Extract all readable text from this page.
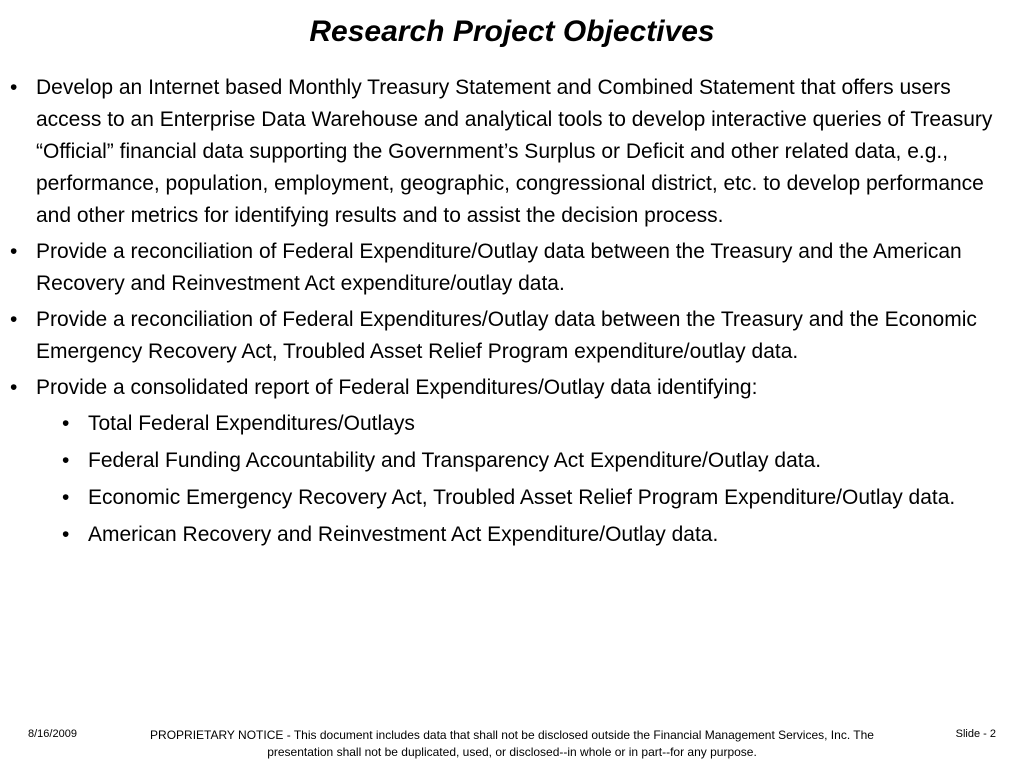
Research Project Objectives
• Develop an Internet based Monthly Treasury Statement and Combined Statement that offers users access to an Enterprise Data Warehouse and analytical tools to develop interactive queries of Treasury “Official” financial data supporting the Government’s Surplus or Deficit and other related data, e.g., performance, population, employment, geographic, congressional district, etc. to develop performance and other metrics for identifying results and to assist the decision process.
• Provide a reconciliation of Federal Expenditure/Outlay data between the Treasury and the American Recovery and Reinvestment Act expenditure/outlay data.
• Provide a reconciliation of Federal Expenditures/Outlay data between the Treasury and the Economic Emergency Recovery Act, Troubled Asset Relief Program expenditure/outlay data.
• Provide a consolidated report of Federal Expenditures/Outlay data identifying:
• Total Federal Expenditures/Outlays
• Federal Funding Accountability and Transparency Act Expenditure/Outlay data.
• Economic Emergency Recovery Act, Troubled Asset Relief Program Expenditure/Outlay data.
• American Recovery and Reinvestment Act Expenditure/Outlay data.
8/16/2009	PROPRIETARY NOTICE - This document includes data that shall not be disclosed outside the Financial Management Services, Inc. The presentation shall not be duplicated, used, or disclosed--in whole or in part--for any purpose.
Slide - 2
